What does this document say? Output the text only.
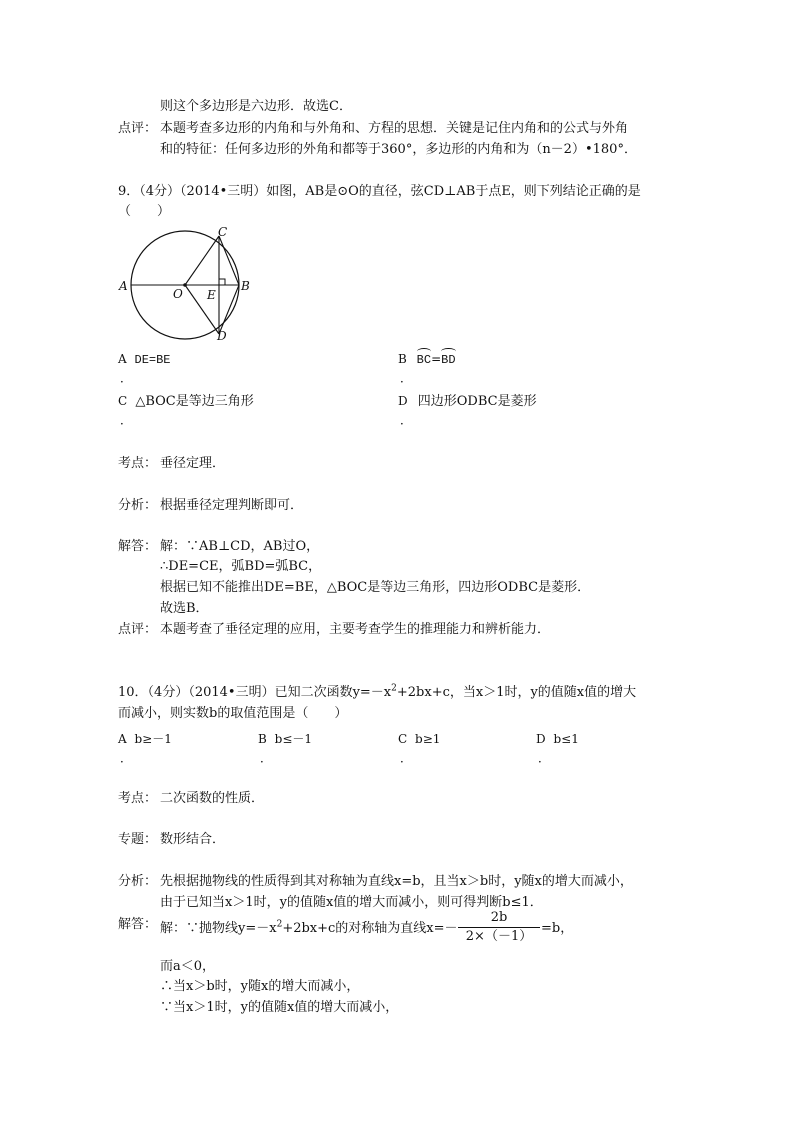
则这个多边形是六边形．故选C．
点评： 本题考查多边形的内角和与外角和、方程的思想．关键是记住内角和的公式与外角
和的特征：任何多边形的外角和都等于360°，多边形的内角和为（n－2）•180°．
9．（4分）（2014•三明）如图，AB是⊙O的直径，弦CD⊥AB于点E，则下列结论正确的是
（　　）
A
O E
B
C
D
A DE=BE
．
B BC=BD
．
C △BOC是等边三角形
．
D 四边形ODBC是菱形
．
考点： 垂径定理．
分析： 根据垂径定理判断即可．
解答： 解：∵AB⊥CD，AB过O，
∴DE=CE，弧BD=弧BC，
根据已知不能推出DE=BE，△BOC是等边三角形，四边形ODBC是菱形．
故选B．
点评： 本题考查了垂径定理的应用，主要考查学生的推理能力和辨析能力．
10．（4分）（2014•三明）已知二次函数$y=-x^2+2bx+c$，当x＞1时，y的值随x值的增大
而减小，则实数b的取值范围是（　　）
A b≥－1
．
B b≤－1
．
C b≥1
．
D b≤1
．
考点： 二次函数的性质．
专题： 数形结合．
分析： 先根据抛物线的性质得到其对称轴为直线x=b，且当x＞b时，y随x的增大而减小，
由于已知当x＞1时，y的值随x值的增大而减小，则可得判断b≤1．
解答： 解：∵抛物线$y=-x^2+2bx+c$的对称轴为直线x=－
2b
2×（－1）
=b，
而a＜0，
∴当x＞b时，y随x的增大而减小，
∵当x＞1时，y的值随x值的增大而减小，
